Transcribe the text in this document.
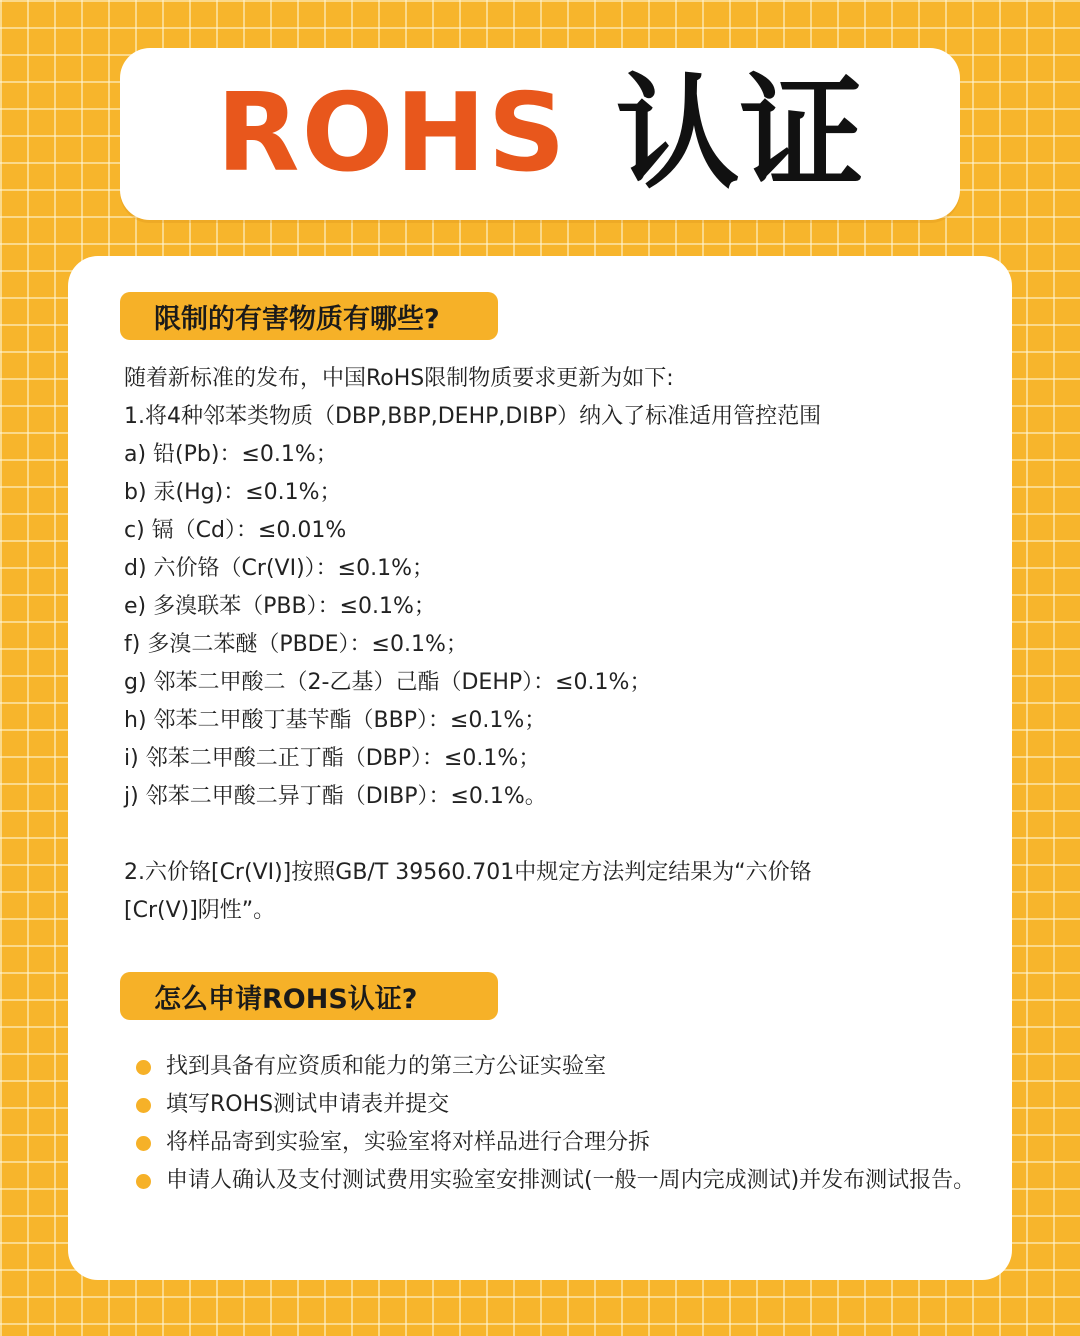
ROHS 认证
限制的有害物质有哪些?
随着新标准的发布，中国RoHS限制物质要求更新为如下:
1.将4种邻苯类物质（DBP,BBP,DEHP,DIBP）纳入了标准适用管控范围
a) 铅(Pb)：≤0.1%；
b) 汞(Hg)：≤0.1%；
c) 镉（Cd）：≤0.01%
d) 六价铬（Cr(VI)）：≤0.1%；
e) 多溴联苯（PBB）：≤0.1%；
f) 多溴二苯醚（PBDE）：≤0.1%；
g) 邻苯二甲酸二（2-乙基）己酯（DEHP）：≤0.1%；
h) 邻苯二甲酸丁基苄酯（BBP）：≤0.1%；
i) 邻苯二甲酸二正丁酯（DBP）：≤0.1%；
j) 邻苯二甲酸二异丁酯（DIBP）：≤0.1%。
2.六价铬[Cr(VI)]按照GB/T 39560.701中规定方法判定结果为“六价铬
[Cr(V)]阴性”。
怎么申请ROHS认证?
找到具备有应资质和能力的第三方公证实验室
填写ROHS测试申请表并提交
将样品寄到实验室，实验室将对样品进行合理分拆
申请人确认及支付测试费用实验室安排测试(一般一周内完成测试)并发布测试报告。
